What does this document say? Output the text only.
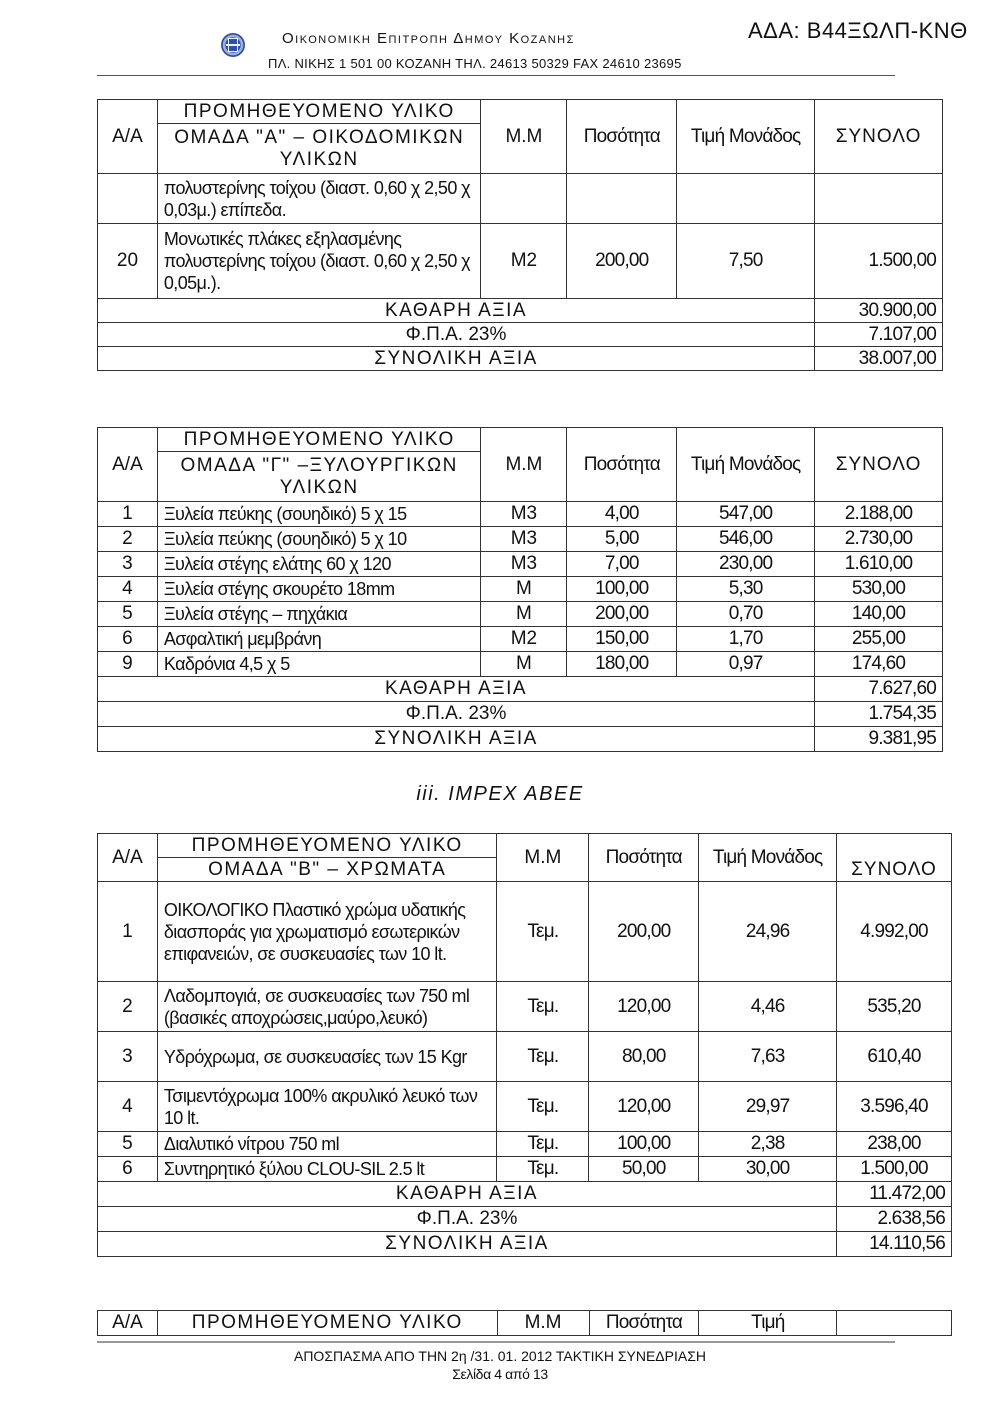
Οικονομικη Επιτροπη Δημου Κοζανης
ΠΛ. ΝΙΚΗΣ 1 501 00 ΚΟΖΑΝΗ ΤΗΛ. 24613 50329 FAX 24610 23695
ΑΔΑ: Β44ΞΩΛΠ-ΚΝΘ
Α/Α	ΠΡΟΜΗΘΕΥΟΜΕΝΟ ΥΛΙΚΟ	Μ.Μ	Ποσότητα	Τιμή Μονάδος	ΣΥΝΟΛΟ
	ΟΜΑΔΑ "Α" – ΟΙΚΟΔΟΜΙΚΩΝ ΥΛΙΚΩΝ				
	πολυστερίνης τοίχου (διαστ. 0,60 χ 2,50 χ 0,03μ.) επίπεδα.				
20	Μονωτικές πλάκες εξηλασμένης πολυστερίνης τοίχου (διαστ. 0,60 χ 2,50 χ 0,05μ.).	Μ2	200,00	7,50	1.500,00
ΚΑΘΑΡΗ ΑΞΙΑ					30.900,00
Φ.Π.Α. 23%					7.107,00
ΣΥΝΟΛΙΚΗ ΑΞΙΑ					38.007,00
Α/Α	ΠΡΟΜΗΘΕΥΟΜΕΝΟ ΥΛΙΚΟ	Μ.Μ	Ποσότητα	Τιμή Μονάδος	ΣΥΝΟΛΟ
	ΟΜΑΔΑ "Γ" –ΞΥΛΟΥΡΓΙΚΩΝ ΥΛΙΚΩΝ				
1	Ξυλεία πεύκης (σουηδικό) 5 χ 15	Μ3	4,00	547,00	2.188,00
2	Ξυλεία πεύκης (σουηδικό) 5 χ 10	Μ3	5,00	546,00	2.730,00
3	Ξυλεία στέγης ελάτης 60 χ 120	Μ3	7,00	230,00	1.610,00
4	Ξυλεία στέγης σκουρέτο 18mm	Μ	100,00	5,30	530,00
5	Ξυλεία στέγης – πηχάκια	Μ	200,00	0,70	140,00
6	Ασφαλτική μεμβράνη	Μ2	150,00	1,70	255,00
9	Καδρόνια 4,5 χ 5	Μ	180,00	0,97	174,60
ΚΑΘΑΡΗ ΑΞΙΑ					7.627,60
Φ.Π.Α. 23%					1.754,35
ΣΥΝΟΛΙΚΗ ΑΞΙΑ					9.381,95
iii. IMPEX ABEE
Α/Α	ΠΡΟΜΗΘΕΥΟΜΕΝΟ ΥΛΙΚΟ	Μ.Μ	Ποσότητα	Τιμή Μονάδος	ΣΥΝΟΛΟ
	ΟΜΑΔΑ "Β" – ΧΡΩΜΑΤΑ				
1	ΟΙΚΟΛΟΓΙΚΟ Πλαστικό χρώμα υδατικής διασποράς για χρωματισμό εσωτερικών επιφανειών, σε συσκευασίες των 10 lt.	Τεμ.	200,00	24,96	4.992,00
2	Λαδομπογιά, σε συσκευασίες των 750 ml (βασικές αποχρώσεις,μαύρο,λευκό)	Τεμ.	120,00	4,46	535,20
3	Υδρόχρωμα, σε συσκευασίες των 15 Kgr	Τεμ.	80,00	7,63	610,40
4	Τσιμεντόχρωμα 100% ακρυλικό λευκό των 10 lt.	Τεμ.	120,00	29,97	3.596,40
5	Διαλυτικό νίτρου 750 ml	Τεμ.	100,00	2,38	238,00
6	Συντηρητικό ξύλου CLOU-SIL 2.5 lt	Τεμ.	50,00	30,00	1.500,00
ΚΑΘΑΡΗ ΑΞΙΑ					11.472,00
Φ.Π.Α. 23%					2.638,56
ΣΥΝΟΛΙΚΗ ΑΞΙΑ					14.110,56
Α/Α	ΠΡΟΜΗΘΕΥΟΜΕΝΟ ΥΛΙΚΟ	Μ.Μ	Ποσότητα	Τιμή	
ΑΠΟΣΠΑΣΜΑ ΑΠΟ ΤΗΝ 2η /31. 01. 2012 ΤΑΚΤΙΚΗ ΣΥΝΕΔΡΙΑΣΗ
Σελίδα 4 από 13
